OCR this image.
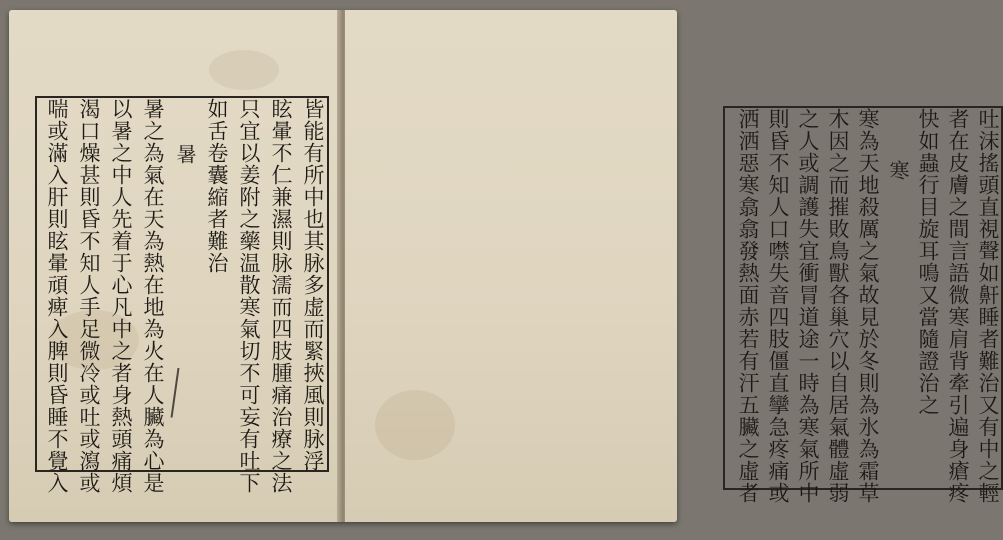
皆能有所中也其脉多虚而緊挾風則脉浮
眩暈不仁兼濕則脉濡而四肢腫痛治療之法
只宜以姜附之藥温散寒氣切不可妄有吐下
如舌卷囊縮者難治
暑
暑之為氣在天為熱在地為火在人臟為心是
以暑之中人先着于心凡中之者身熱頭痛煩
渴口燥甚則昏不知人手足微冷或吐或瀉或
喘或滿入肝則眩暈頑痺入脾則昏睡不覺入	吐沫搖頭直視聲如鼾睡者難治又有中之輕
者在皮膚之間言語微寒肩背牽引遍身瘡疼
快如蟲行目旋耳鳴又當隨證治之
寒
寒為天地殺厲之氣故見於冬則為氷為霜草
木因之而摧敗鳥獸各巢穴以自居氣體虛弱
之人或調護失宜衝冐道途一時為寒氣所中
則昏不知人口噤失音四肢僵直攣急疼痛或
洒洒惡寒翕翕發熱面赤若有汗五臟之虛者
